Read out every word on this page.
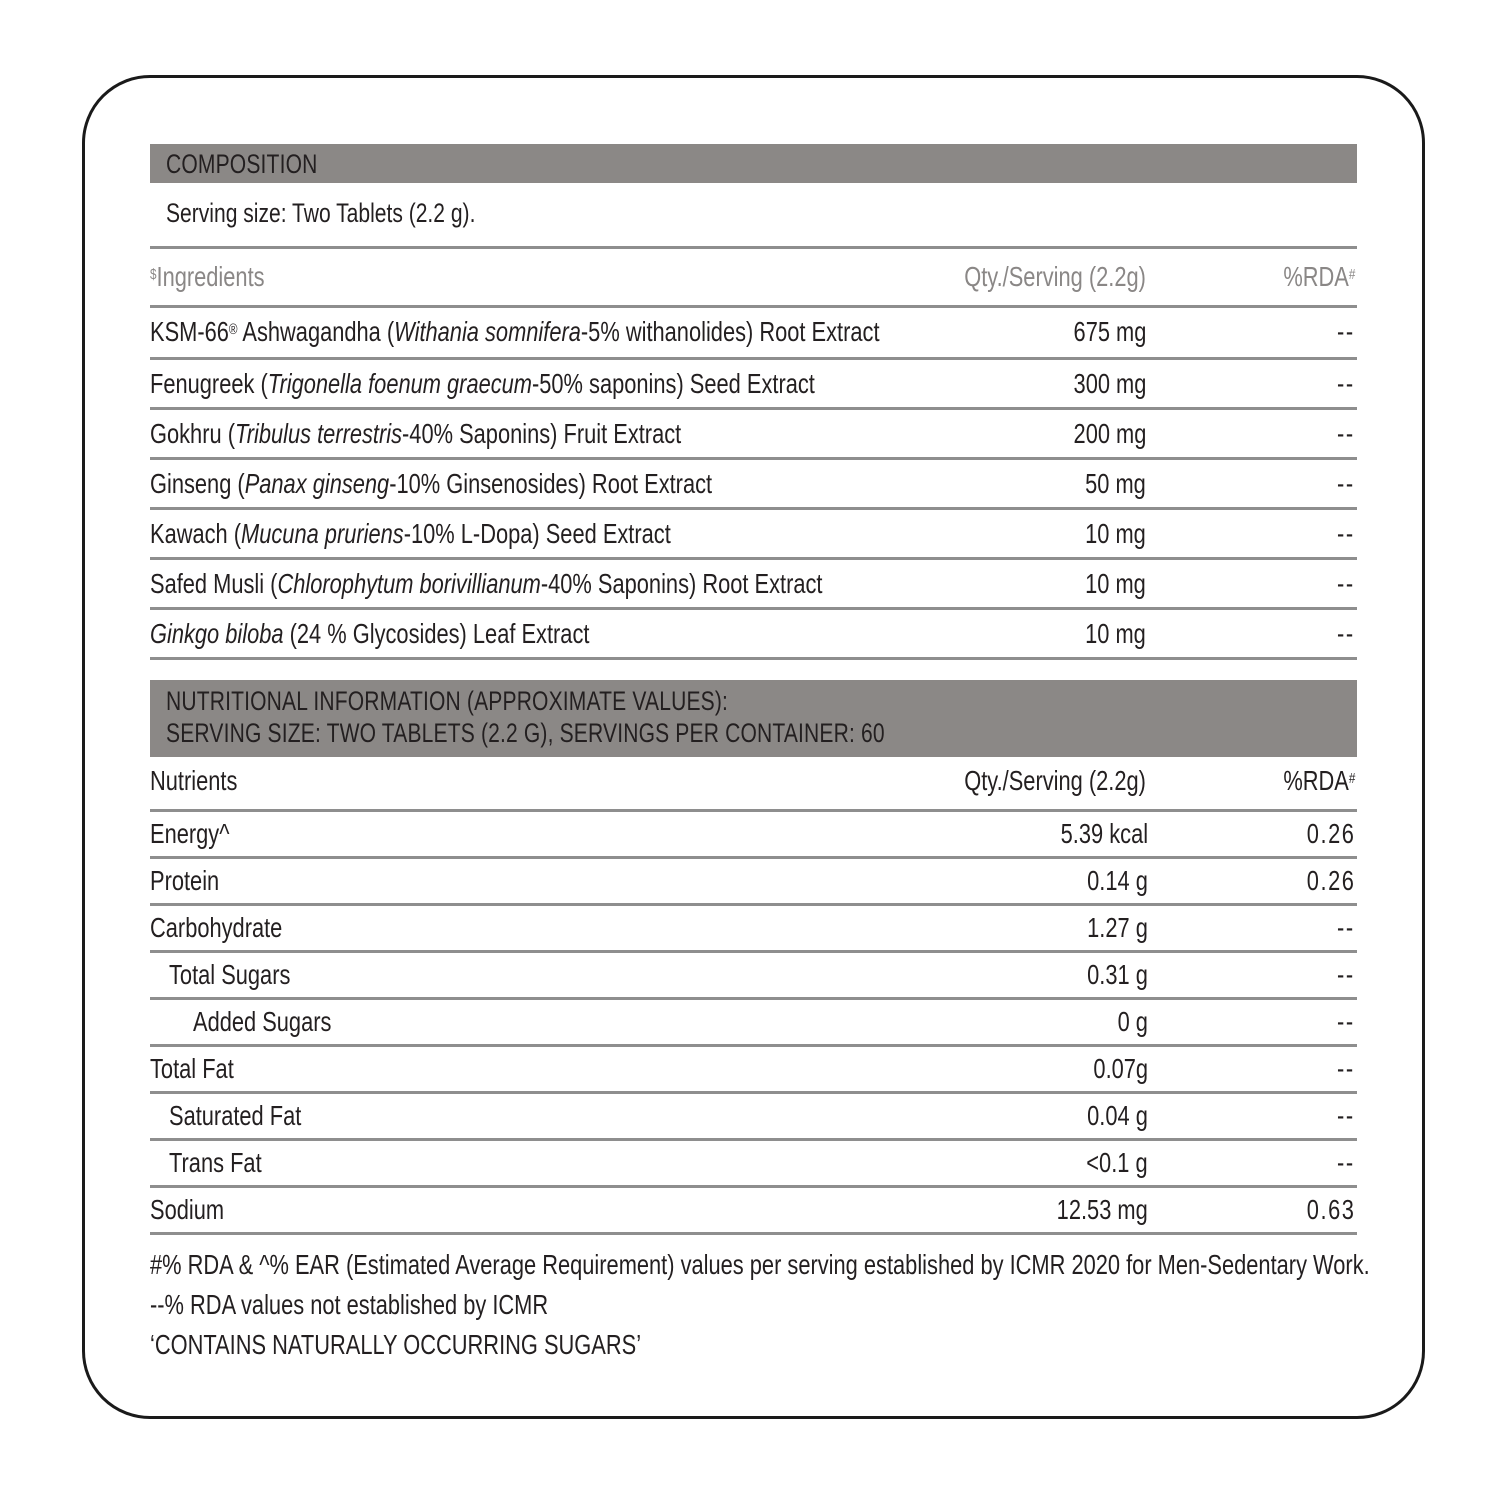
COMPOSITION
Serving size: Two Tablets (2.2 g).
$Ingredients	Qty./Serving (2.2g)	%RDA#
KSM-66® Ashwagandha (Withania somnifera-5% withanolides) Root Extract	675 mg	--
Fenugreek (Trigonella foenum graecum-50% saponins) Seed Extract	300 mg	--
Gokhru (Tribulus terrestris-40% Saponins) Fruit Extract	200 mg	--
Ginseng (Panax ginseng-10% Ginsenosides) Root Extract	50 mg	--
Kawach (Mucuna pruriens-10% L-Dopa) Seed Extract	10 mg	--
Safed Musli (Chlorophytum borivillianum-40% Saponins) Root Extract	10 mg	--
Ginkgo biloba (24 % Glycosides) Leaf Extract	10 mg	--
NUTRITIONAL INFORMATION (APPROXIMATE VALUES):
SERVING SIZE: TWO TABLETS (2.2 G), SERVINGS PER CONTAINER: 60
Nutrients	Qty./Serving (2.2g)	%RDA#
Energy^	5.39 kcal	0.26
Protein	0.14 g	0.26
Carbohydrate	1.27 g	--
Total Sugars	0.31 g	--
Added Sugars	0 g	--
Total Fat	0.07g	--
Saturated Fat	0.04 g	--
Trans Fat	<0.1 g	--
Sodium	12.53 mg	0.63
#% RDA & ^% EAR (Estimated Average Requirement) values per serving established by ICMR 2020 for Men-Sedentary Work.
--% RDA values not established by ICMR
‘CONTAINS NATURALLY OCCURRING SUGARS’
